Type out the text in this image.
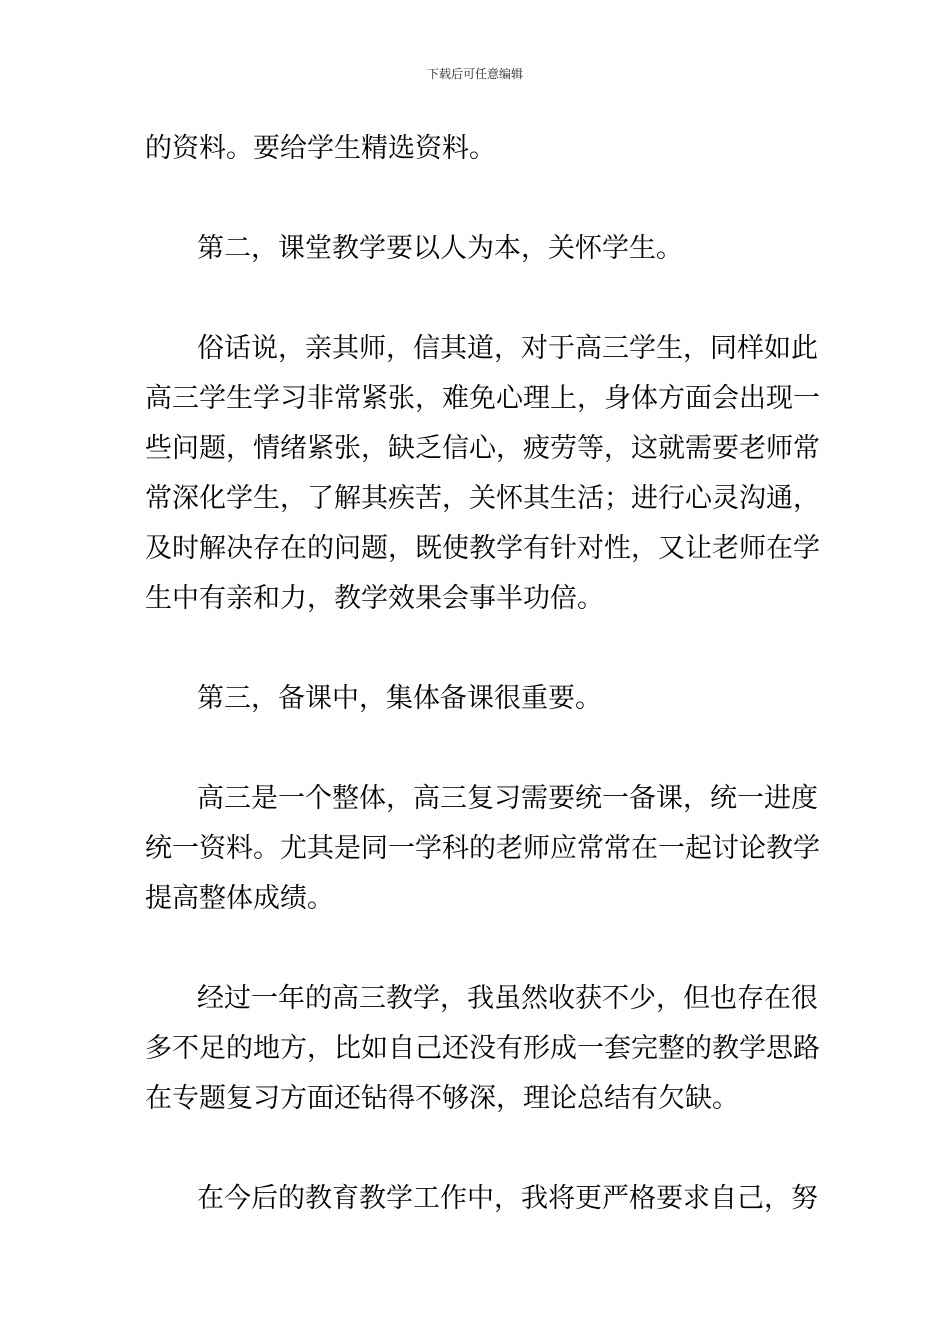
下载后可任意编辑

的资料。要给学生精选资料。

第二，课堂教学要以人为本，关怀学生。

俗话说，亲其师，信其道，对于高三学生，同样如此
高三学生学习非常紧张，难免心理上，身体方面会出现一
些问题，情绪紧张，缺乏信心，疲劳等，这就需要老师常
常深化学生，了解其疾苦，关怀其生活；进行心灵沟通，
及时解决存在的问题，既使教学有针对性，又让老师在学
生中有亲和力，教学效果会事半功倍。

第三，备课中，集体备课很重要。

高三是一个整体，高三复习需要统一备课，统一进度
统一资料。尤其是同一学科的老师应常常在一起讨论教学
提高整体成绩。

经过一年的高三教学，我虽然收获不少，但也存在很
多不足的地方，比如自己还没有形成一套完整的教学思路
在专题复习方面还钻得不够深，理论总结有欠缺。

在今后的教育教学工作中，我将更严格要求自己，努
